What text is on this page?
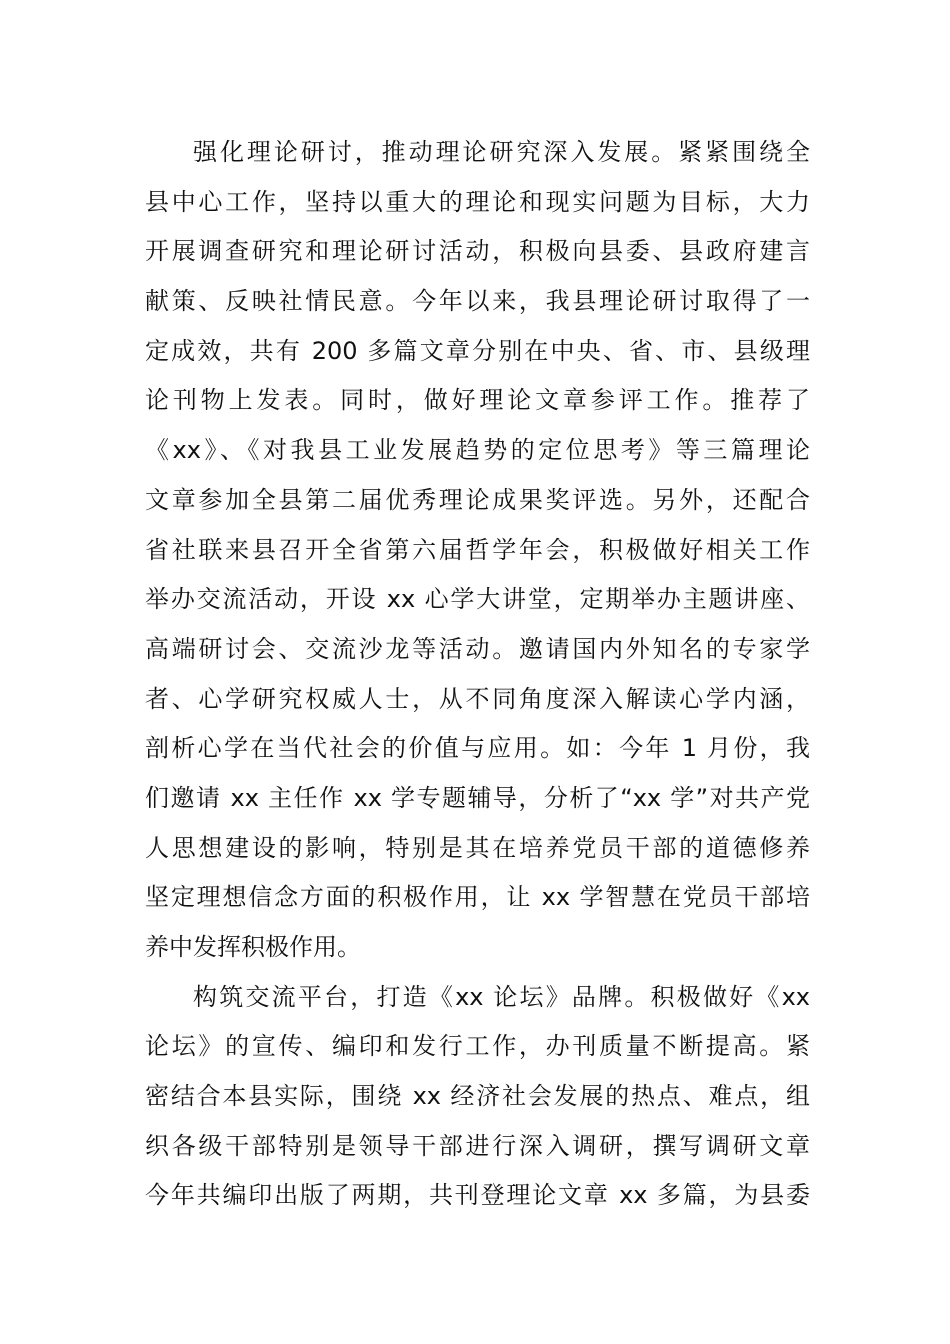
强化理论研讨，推动理论研究深入发展。紧紧围绕全
县中心工作，坚持以重大的理论和现实问题为目标，大力
开展调查研究和理论研讨活动，积极向县委、县政府建言
献策、反映社情民意。今年以来，我县理论研讨取得了一
定成效，共有 200 多篇文章分别在中央、省、市、县级理
论刊物上发表。同时，做好理论文章参评工作。推荐了
《xx》、《对我县工业发展趋势的定位思考》等三篇理论
文章参加全县第二届优秀理论成果奖评选。另外，还配合
省社联来县召开全省第六届哲学年会，积极做好相关工作
举办交流活动，开设 xx 心学大讲堂，定期举办主题讲座、
高端研讨会、交流沙龙等活动。邀请国内外知名的专家学
者、心学研究权威人士，从不同角度深入解读心学内涵，
剖析心学在当代社会的价值与应用。如：今年 1 月份，我
们邀请 xx 主任作 xx 学专题辅导，分析了“xx 学”对共产党
人思想建设的影响，特别是其在培养党员干部的道德修养
坚定理想信念方面的积极作用，让 xx 学智慧在党员干部培
养中发挥积极作用。
构筑交流平台，打造《xx 论坛》品牌。积极做好《xx
论坛》的宣传、编印和发行工作，办刊质量不断提高。紧
密结合本县实际，围绕 xx 经济社会发展的热点、难点，组
织各级干部特别是领导干部进行深入调研，撰写调研文章
今年共编印出版了两期，共刊登理论文章 xx 多篇，为县委
